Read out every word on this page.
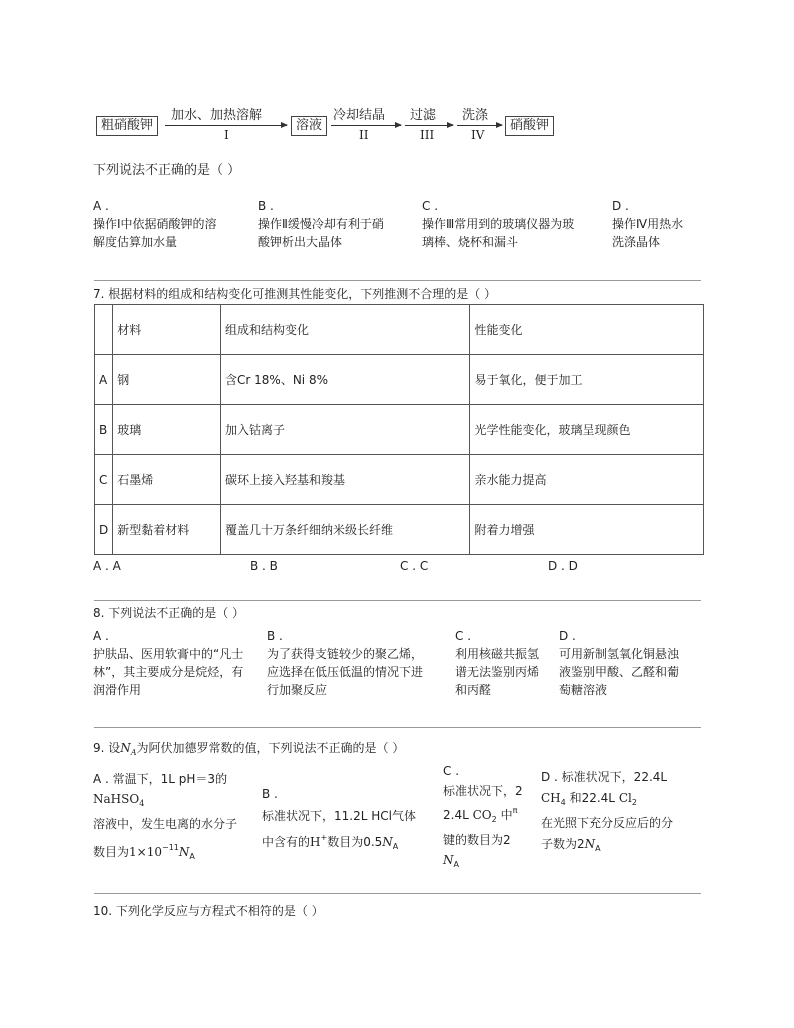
粗硝酸钾
加水、加热溶解
I
溶液
冷却结晶
II
过滤
III
洗涤
IV
硝酸钾
下列说法不正确的是（ ）
A .
操作Ⅰ中依据硝酸钾的溶
解度估算加水量
B .
操作Ⅱ缓慢冷却有利于硝
酸钾析出大晶体
C .
操作Ⅲ常用到的玻璃仪器为玻
璃棒、烧杯和漏斗
D .
操作Ⅳ用热水
洗涤晶体
7. 根据材料的组成和结构变化可推测其性能变化，下列推测不合理的是（ ）
	材料	组成和结构变化	性能变化
A	钢	含Cr 18%、Ni 8%	易于氧化，便于加工
B	玻璃	加入钴离子	光学性能变化，玻璃呈现颜色
C	石墨烯	碳环上接入羟基和羧基	亲水能力提高
D	新型黏着材料	覆盖几十万条纤细纳米级长纤维	附着力增强
A . A	B . B	C . C	D . D
8. 下列说法不正确的是（ ）
A .
护肤品、医用软膏中的“凡士
林”，其主要成分是烷烃，有
润滑作用
B .
为了获得支链较少的聚乙烯，
应选择在低压低温的情况下进
行加聚反应
C .
利用核磁共振氢
谱无法鉴别丙烯
和丙醛
D .
可用新制氢氧化铜悬浊
液鉴别甲酸、乙醛和葡
萄糖溶液
9. 设$N_A$为阿伏加德罗常数的值，下列说法不正确的是（ ）
A . 常温下，1L pH＝3的
NaHSO$_4$
溶液中，发生电离的水分子
数目为$1\times 10^{-11}N_A$
B .
标准状况下，11.2L HCl气体
中含有的H+数目为$0.5N_A$
C .
标准状况下，2
2.4L $CO_2$ 中$^\pi$
键的数目为2
$N_A$
D . 标准状况下，22.4L
$CH_4$ 和22.4L $Cl_2$
在光照下充分反应后的分
子数为$2N_A$
10. 下列化学反应与方程式不相符的是（ ）
